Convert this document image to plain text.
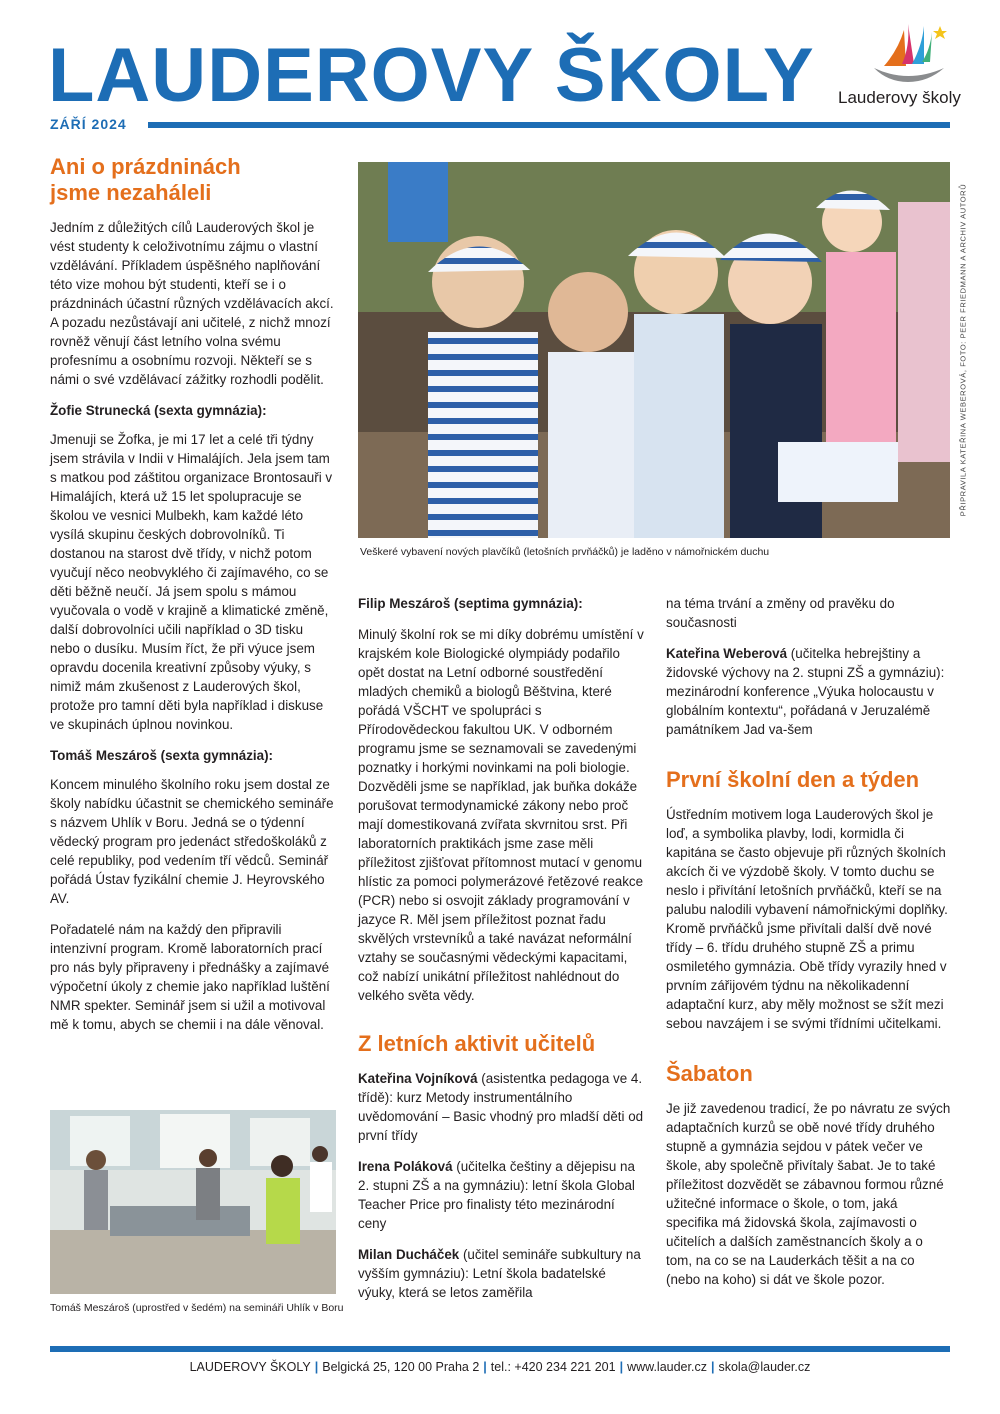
LAUDEROVY ŠKOLY
ZÁŘÍ 2024
Lauderovy školy
Ani o prázdninách
jsme nezaháleli

Jedním z důležitých cílů Lauderových škol je vést studenty k celoživotnímu zájmu o vlastní vzdělávání. Příkladem úspěšného naplňování této vize mohou být studenti, kteří se i o prázdninách účastní různých vzdělávacích akcí. A pozadu nezůstávají ani učitelé, z nichž mnozí rovněž věnují část letního volna svému profesnímu a osobnímu rozvoji. Někteří se s námi o své vzdělávací zážitky rozhodli podělit.

Žofie Strunecká (sexta gymnázia):

Jmenuji se Žofka, je mi 17 let a celé tři týdny jsem strávila v Indii v Himalájích. Jela jsem tam s matkou pod záštitou organizace Brontosauři v Himalájích, která už 15 let spolupracuje se školou ve vesnici Mulbekh, kam každé léto vysílá skupinu českých dobrovolníků. Ti dostanou na starost dvě třídy, v nichž potom vyučují něco neobvyklého či zajímavého, co se děti běžně neučí. Já jsem spolu s mámou vyučovala o vodě v krajině a klimatické změně, další dobrovolníci učili například o 3D tisku nebo o dusíku. Musím říct, že při výuce jsem opravdu docenila kreativní způsoby výuky, s nimiž mám zkušenost z Lauderových škol, protože pro tamní děti byla například i diskuse ve skupinách úplnou novinkou.

Tomáš Meszároš (sexta gymnázia):

Koncem minulého školního roku jsem dostal ze školy nabídku účastnit se chemického semináře s názvem Uhlík v Boru. Jedná se o týdenní vědecký program pro jedenáct středoškoláků z celé republiky, pod vedením tří vědců. Seminář pořádá Ústav fyzikální chemie J. Heyrovského AV.

Pořadatelé nám na každý den připravili intenzivní program. Kromě laboratorních prací pro nás byly připraveny i přednášky a zajímavé výpočetní úkoly z chemie jako například luštění NMR spekter. Seminář jsem si užil a motivoval mě k tomu, abych se chemii i na dále věnoval.

Tomáš Meszároš (uprostřed v šedém) na semináři Uhlík v Boru
Veškeré vybavení nových plavčíků (letošních prvňáčků) je laděno v námořnickém duchu
PŘIPRAVILA KATEŘINA WEBEROVÁ, FOTO: PEER FRIEDMANN A ARCHIV AUTORŮ

Filip Meszároš (septima gymnázia):

Minulý školní rok se mi díky dobrému umístění v krajském kole Biologické olympiády podařilo opět dostat na Letní odborné soustředění mladých chemiků a biologů Běštvina, které pořádá VŠCHT ve spolupráci s Přírodovědeckou fakultou UK. V odborném programu jsme se seznamovali se zavedenými poznatky i horkými novinkami na poli biologie. Dozvěděli jsme se například, jak buňka dokáže porušovat termodynamické zákony nebo proč mají domestikovaná zvířata skvrnitou srst. Při laboratorních praktikách jsme zase měli příležitost zjišťovat přítomnost mutací v genomu hlístic za pomoci polymerázové řetězové reakce (PCR) nebo si osvojit základy programování v jazyce R. Měl jsem příležitost poznat řadu skvělých vrstevníků a také navázat neformální vztahy se současnými vědeckými kapacitami, což nabízí unikátní příležitost nahlédnout do velkého světa vědy.

Z letních aktivit učitelů

Kateřina Vojníková (asistentka pedagoga ve 4. třídě): kurz Metody instrumentálního uvědomování – Basic vhodný pro mladší děti od první třídy

Irena Poláková (učitelka češtiny a dějepisu na 2. stupni ZŠ a na gymnáziu): letní škola Global Teacher Price pro finalisty této mezinárodní ceny

Milan Ducháček (učitel semináře subkultury na vyšším gymnáziu): Letní škola badatelské výuky, která se letos zaměřila

na téma trvání a změny od pravěku do současnosti

Kateřina Weberová (učitelka hebrejštiny a židovské výchovy na 2. stupni ZŠ a gymnáziu): mezinárodní konference „Výuka holocaustu v globálním kontextu“, pořádaná v Jeruzalémě památníkem Jad va-šem

První školní den a týden

Ústředním motivem loga Lauderových škol je loď, a symbolika plavby, lodi, kormidla či kapitána se často objevuje při různých školních akcích či ve výzdobě školy. V tomto duchu se neslo i přivítání letošních prvňáčků, kteří se na palubu nalodili vybavení námořnickými doplňky. Kromě prvňáčků jsme přivítali další dvě nové třídy – 6. třídu druhého stupně ZŠ a primu osmiletého gymnázia. Obě třídy vyrazily hned v prvním zářijovém týdnu na několikadenní adaptační kurz, aby měly možnost se sžít mezi sebou navzájem i se svými třídními učitelkami.

Šabaton

Je již zavedenou tradicí, že po návratu ze svých adaptačních kurzů se obě nové třídy druhého stupně a gymnázia sejdou v pátek večer ve škole, aby společně přivítaly šabat. Je to také příležitost dozvědět se zábavnou formou různé užitečné informace o škole, o tom, jaká specifika má židovská škola, zajímavosti o učitelích a dalších zaměstnancích školy a o tom, na co se na Lauderkách těšit a na co (nebo na koho) si dát ve škole pozor.

LAUDEROVY ŠKOLY | Belgická 25, 120 00 Praha 2 | tel.: +420 234 221 201 | www.lauder.cz | skola@lauder.cz
